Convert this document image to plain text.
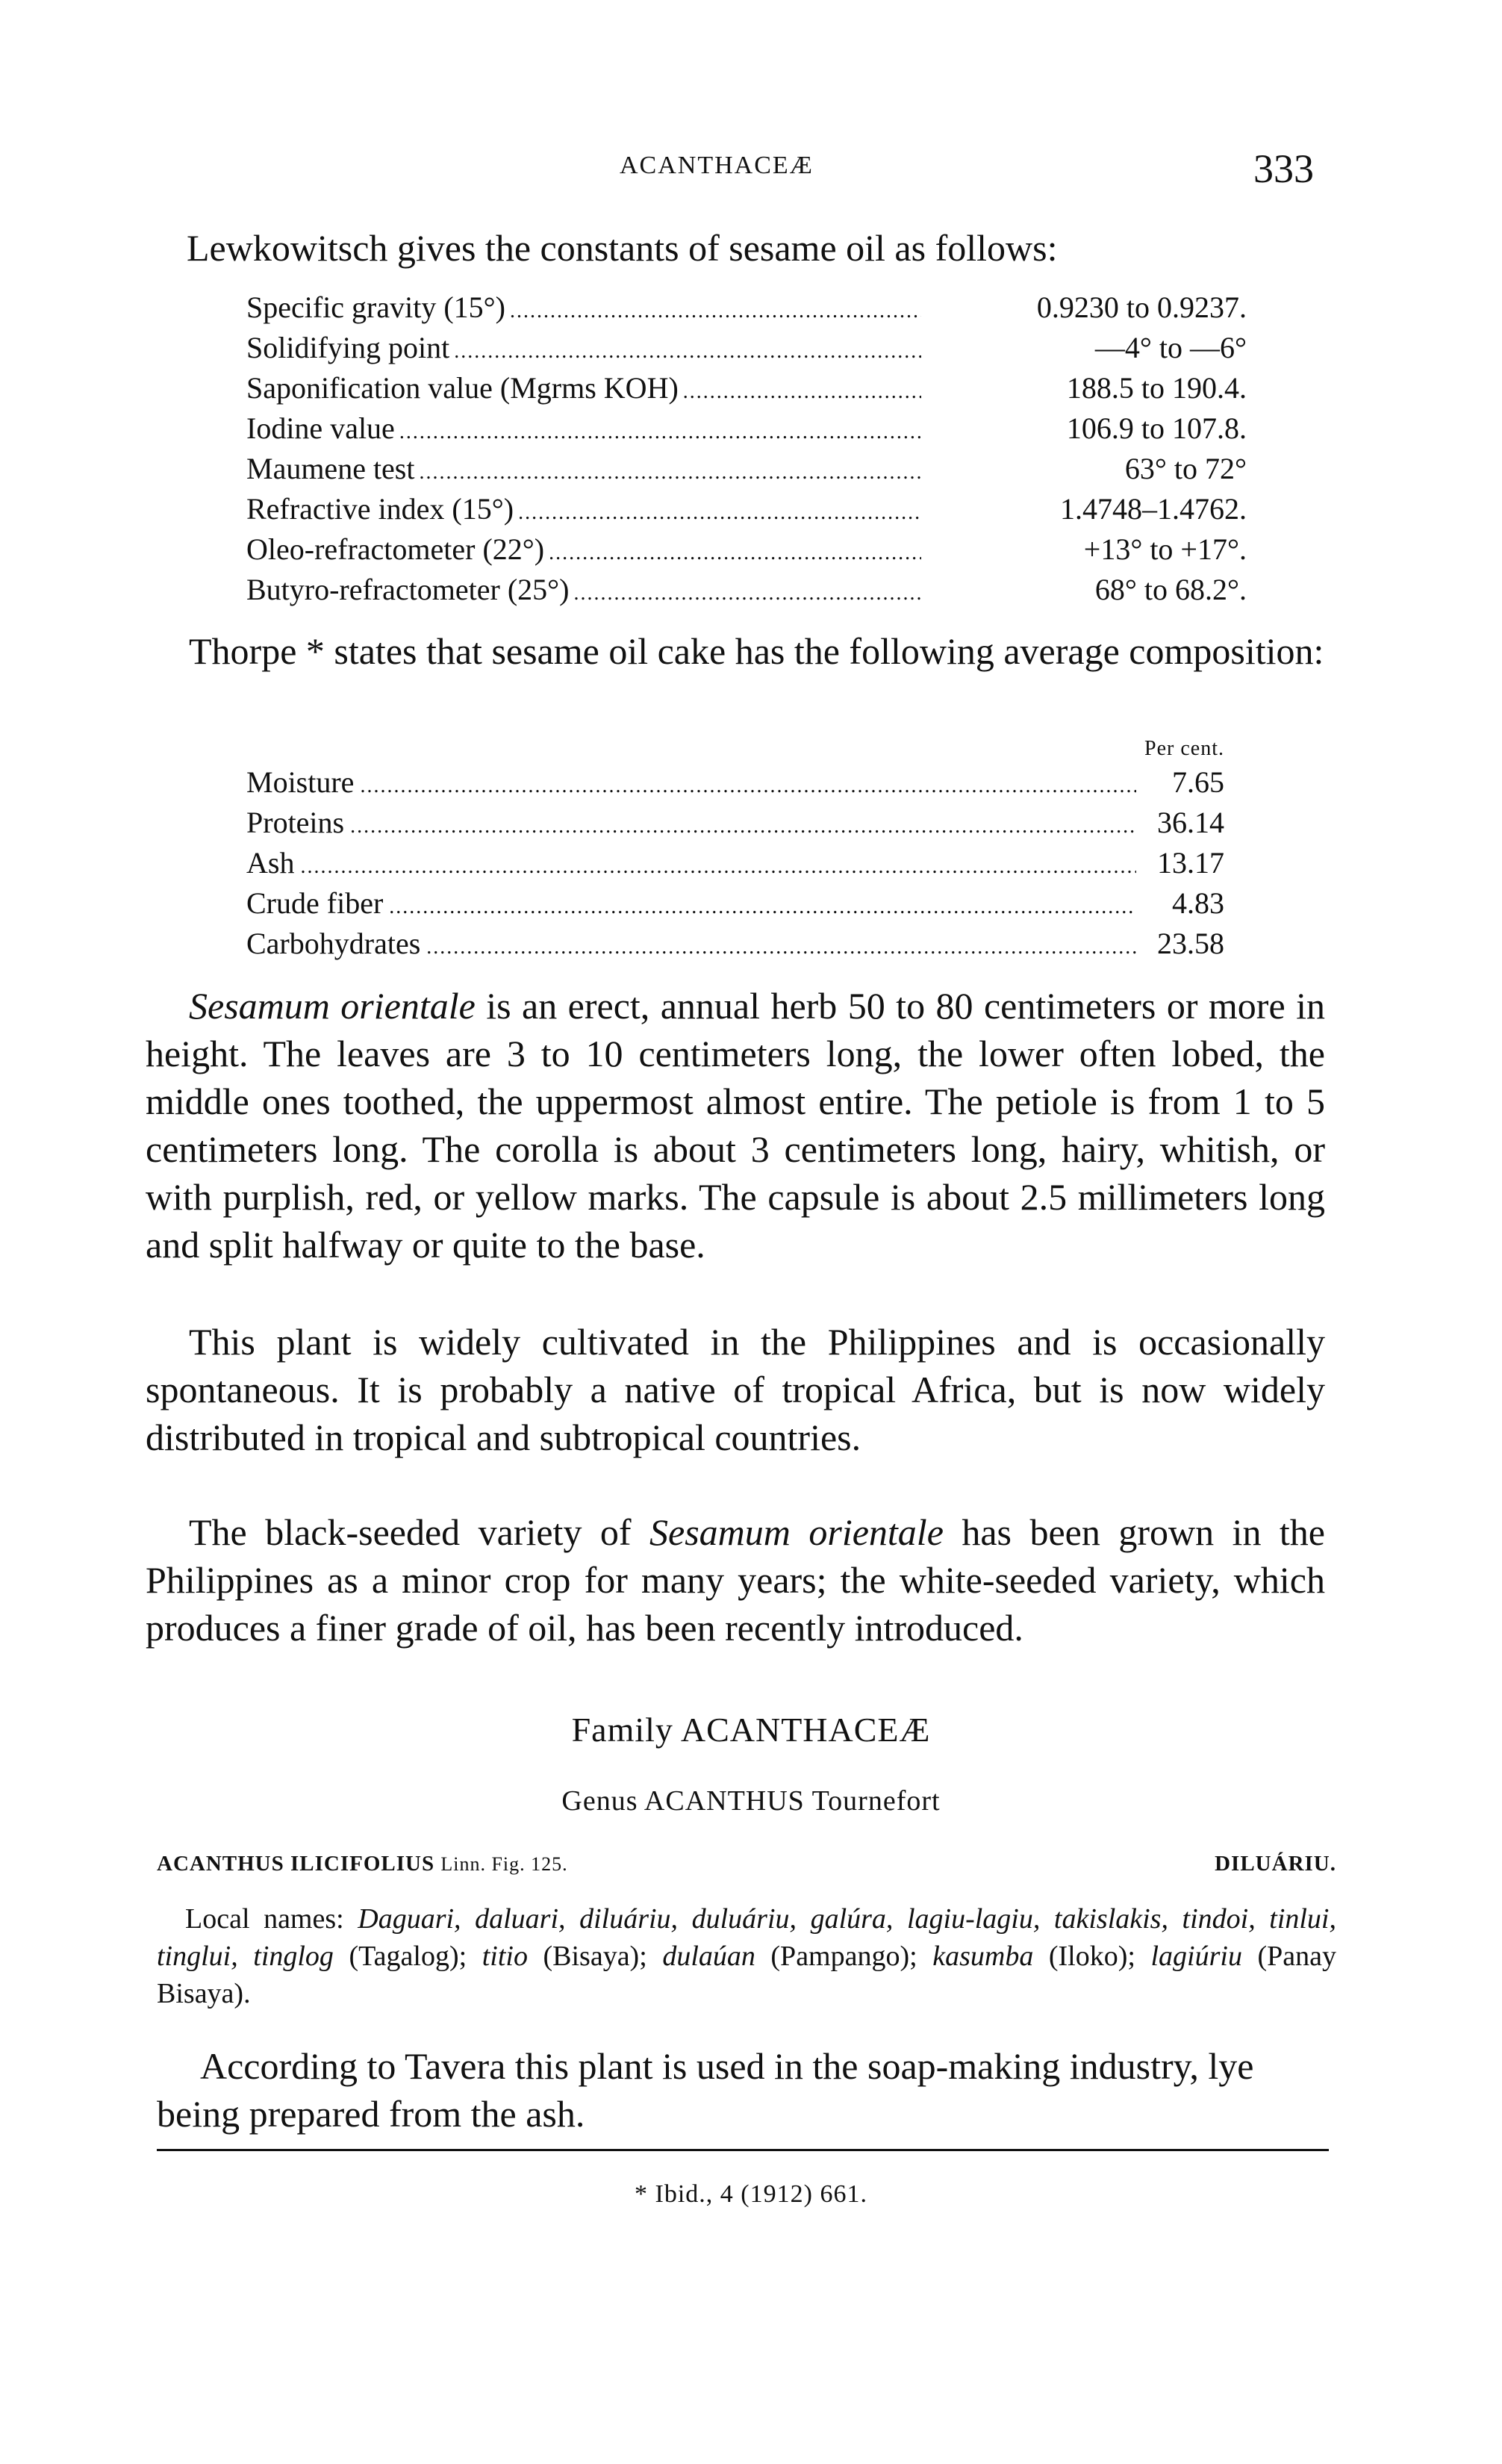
ACANTHACEÆ	333

Lewkowitsch gives the constants of sesame oil as follows:

Specific gravity (15°) .....	0.9230 to 0.9237.
Solidifying point .....	—4° to —6°
Saponification value (Mgrms KOH) .....	188.5 to 190.4.
Iodine value .....	106.9 to 107.8.
Maumene test .....	63° to 72°
Refractive index (15°) .....	1.4748–1.4762.
Oleo-refractometer (22°) .....	+13° to +17°.
Butyro-refractometer (25°) .....	68° to 68.2°.

Thorpe * states that sesame oil cake has the following average composition:

Per cent.
Moisture .....	7.65
Proteins .....	36.14
Ash .....	13.17
Crude fiber .....	4.83
Carbohydrates .....	23.58

Sesamum orientale is an erect, annual herb 50 to 80 centimeters or more in height. The leaves are 3 to 10 centimeters long, the lower often lobed, the middle ones toothed, the uppermost almost entire. The petiole is from 1 to 5 centimeters long. The corolla is about 3 centimeters long, hairy, whitish, or with purplish, red, or yellow marks. The capsule is about 2.5 millimeters long and split halfway or quite to the base.

This plant is widely cultivated in the Philippines and is occasionally spontaneous. It is probably a native of tropical Africa, but is now widely distributed in tropical and subtropical countries.

The black-seeded variety of Sesamum orientale has been grown in the Philippines as a minor crop for many years; the white-seeded variety, which produces a finer grade of oil, has been recently introduced.

Family ACANTHACEÆ
Genus ACANTHUS Tournefort
ACANTHUS ILICIFOLIUS Linn. Fig. 125.	DILUÁRIU.

Local names: Daguari, daluari, diluáriu, duluáriu, galúra, lagiu-lagiu, takislakis, tindoi, tinlui, tinglui, tinglog (Tagalog); titio (Bisaya); dulaúan (Pampango); kasumba (Iloko); lagiúriu (Panay Bisaya).

According to Tavera this plant is used in the soap-making industry, lye being prepared from the ash.

* Ibid., 4 (1912) 661.
